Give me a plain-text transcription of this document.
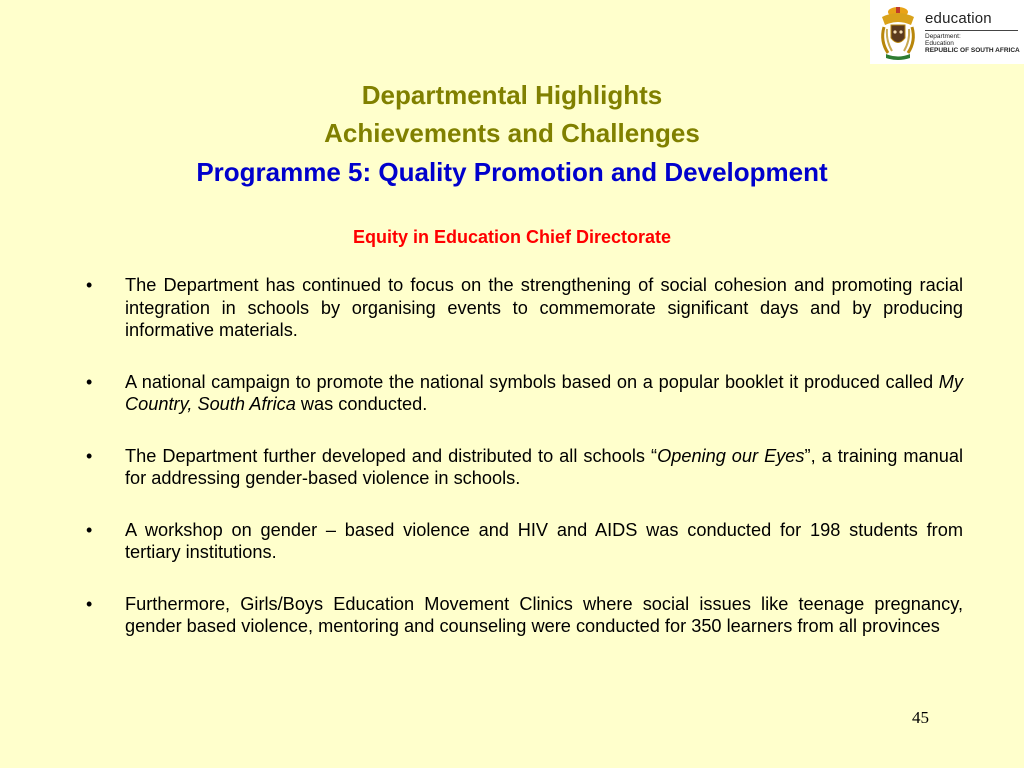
education
Department:
Education
REPUBLIC OF SOUTH AFRICA
Departmental Highlights
Achievements and Challenges
Programme 5: Quality Promotion and Development
Equity in Education Chief Directorate
• The Department has continued to focus on the strengthening of social cohesion and promoting racial integration in schools by organising events to commemorate significant days and by producing informative materials.
• A national campaign to promote the national symbols based on a popular booklet it produced called My Country, South Africa was conducted.
• The Department further developed and distributed to all schools “Opening our Eyes”, a training manual for addressing gender-based violence in schools.
• A workshop on gender – based violence and HIV and AIDS was conducted for 198 students from tertiary institutions.
• Furthermore, Girls/Boys Education Movement Clinics where social issues like teenage pregnancy, gender based violence, mentoring and counseling were conducted for 350 learners from all provinces
45
